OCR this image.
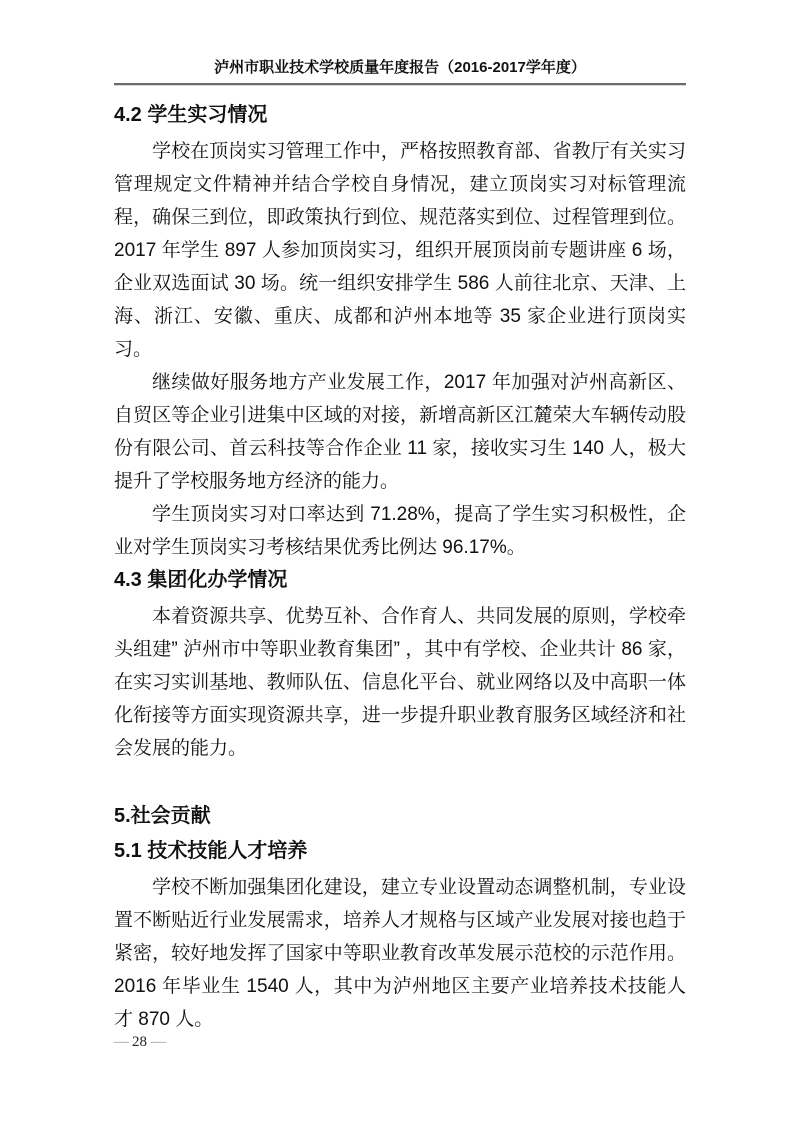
泸州市职业技术学校质量年度报告（2016-2017学年度）
4.2 学生实习情况

学校在顶岗实习管理工作中，严格按照教育部、省教厅有关实习管理规定文件精神并结合学校自身情况，建立顶岗实习对标管理流程，确保三到位，即政策执行到位、规范落实到位、过程管理到位。2017 年学生 897 人参加顶岗实习，组织开展顶岗前专题讲座 6 场，企业双选面试 30 场。统一组织安排学生 586 人前往北京、天津、上海、浙江、安徽、重庆、成都和泸州本地等 35 家企业进行顶岗实习。

继续做好服务地方产业发展工作，2017 年加强对泸州高新区、自贸区等企业引进集中区域的对接，新增高新区江麓荣大车辆传动股份有限公司、首云科技等合作企业 11 家，接收实习生 140 人，极大提升了学校服务地方经济的能力。

学生顶岗实习对口率达到 71.28%，提高了学生实习积极性，企业对学生顶岗实习考核结果优秀比例达 96.17%。

4.3 集团化办学情况

本着资源共享、优势互补、合作育人、共同发展的原则，学校牵头组建” 泸州市中等职业教育集团” ，其中有学校、企业共计 86 家，在实习实训基地、教师队伍、信息化平台、就业网络以及中高职一体化衔接等方面实现资源共享，进一步提升职业教育服务区域经济和社会发展的能力。

5.社会贡献
5.1 技术技能人才培养

学校不断加强集团化建设，建立专业设置动态调整机制，专业设置不断贴近行业发展需求，培养人才规格与区域产业发展对接也趋于紧密，较好地发挥了国家中等职业教育改革发展示范校的示范作用。2016 年毕业生 1540 人，其中为泸州地区主要产业培养技术技能人才 870 人。

— 28 —
